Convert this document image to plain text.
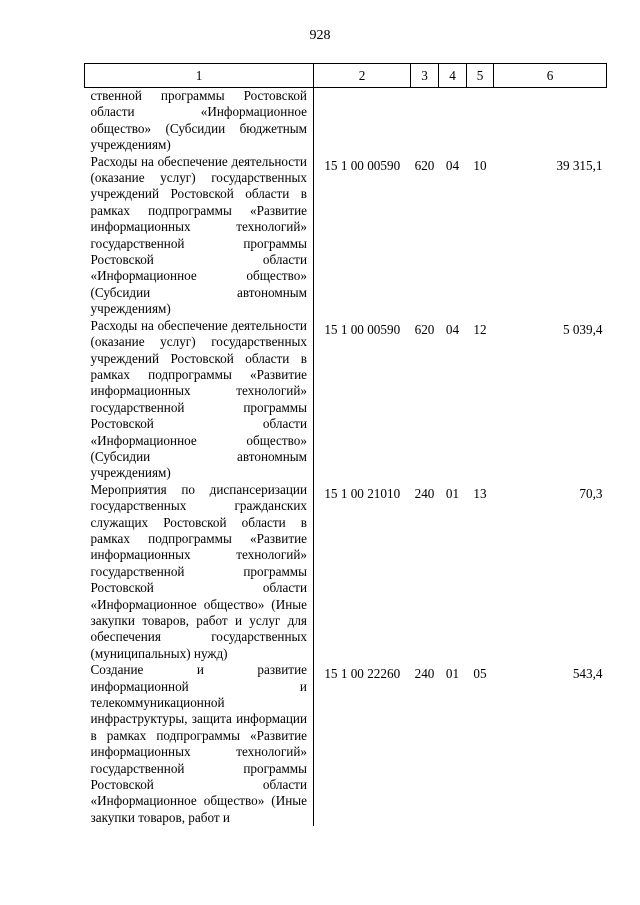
928
1	2	3	4	5	6
ственной программы Ростовской области «Информационное общество» (Субсидии бюджетным учреждениям)					
Расходы на обеспечение деятельности (оказание услуг) государственных учреждений Ростовской области в рамках подпрограммы «Развитие информационных технологий» государственной программы Ростовской области «Информационное общество» (Субсидии автономным учреждениям)	15 1 00 00590	620	04	10	39 315,1
Расходы на обеспечение деятельности (оказание услуг) государственных учреждений Ростовской области в рамках подпрограммы «Развитие информационных технологий» государственной программы Ростовской области «Информационное общество» (Субсидии автономным учреждениям)	15 1 00 00590	620	04	12	5 039,4
Мероприятия по диспансеризации государственных гражданских служащих Ростовской области в рамках подпрограммы «Развитие информационных технологий» государственной программы Ростовской области «Информационное общество» (Иные закупки товаров, работ и услуг для обеспечения государственных (муниципальных) нужд)	15 1 00 21010	240	01	13	70,3
Создание и развитие информационной и телекоммуникационной инфраструктуры, защита информации в рамках подпрограммы «Развитие информационных технологий» государственной программы Ростовской области «Информационное общество» (Иные закупки товаров, работ и	15 1 00 22260	240	01	05	543,4
